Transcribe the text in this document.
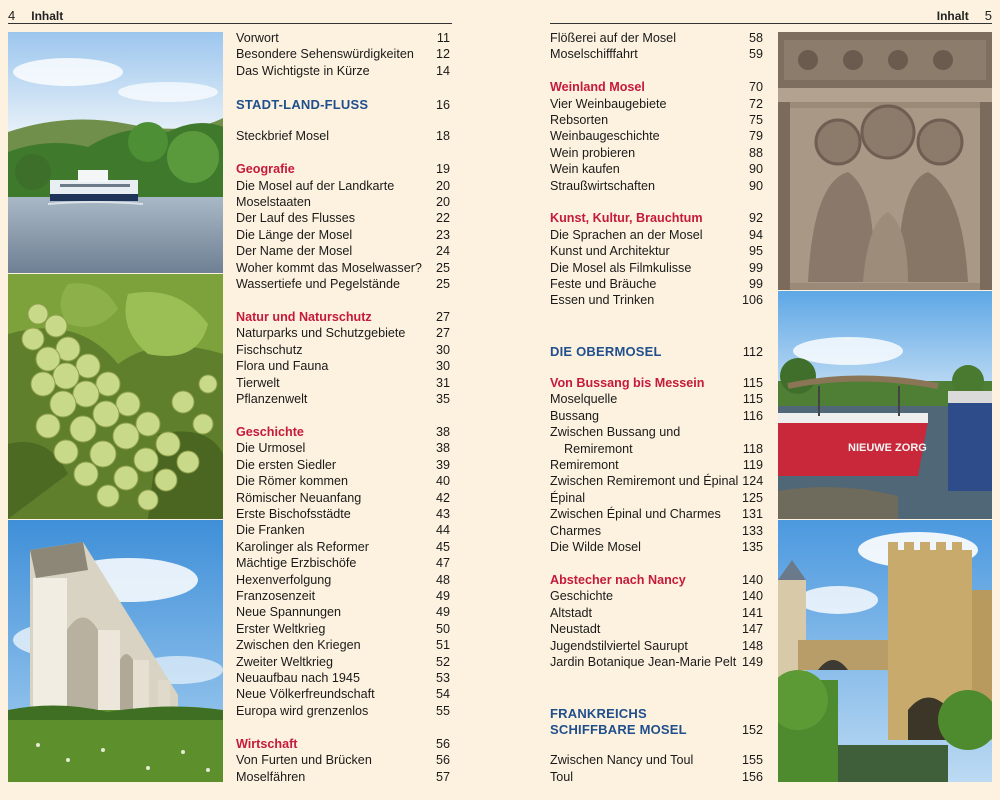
4 Inhalt	Inhalt 5
Vorwort	11
Besondere Sehenswürdigkeiten	12
Das Wichtigste in Kürze	14
STADT-LAND-FLUSS	16
Steckbrief Mosel	18
Geografie	19
Die Mosel auf der Landkarte	20
Moselstaaten	20
Der Lauf des Flusses	22
Die Länge der Mosel	23
Der Name der Mosel	24
Woher kommt das Moselwasser?	25
Wassertiefe und Pegelstände	25
Natur und Naturschutz	27
Naturparks und Schutzgebiete	27
Fischschutz	30
Flora und Fauna	30
Tierwelt	31
Pflanzenwelt	35
Geschichte	38
Die Urmosel	38
Die ersten Siedler	39
Die Römer kommen	40
Römischer Neuanfang	42
Erste Bischofsstädte	43
Die Franken	44
Karolinger als Reformer	45
Mächtige Erzbischöfe	47
Hexenverfolgung	48
Franzosenzeit	49
Neue Spannungen	49
Erster Weltkrieg	50
Zwischen den Kriegen	51
Zweiter Weltkrieg	52
Neuaufbau nach 1945	53
Neue Völkerfreundschaft	54
Europa wird grenzenlos	55
Wirtschaft	56
Von Furten und Brücken	56
Moselfähren	57
Flößerei auf der Mosel	58
Moselschifffahrt	59
Weinland Mosel	70
Vier Weinbaugebiete	72
Rebsorten	75
Weinbaugeschichte	79
Wein probieren	88
Wein kaufen	90
Straußwirtschaften	90
Kunst, Kultur, Brauchtum	92
Die Sprachen an der Mosel	94
Kunst und Architektur	95
Die Mosel als Filmkulisse	99
Feste und Bräuche	99
Essen und Trinken	106
DIE OBERMOSEL	112
Von Bussang bis Messein	115
Moselquelle	115
Bussang	116
Zwischen Bussang und
Remiremont	118
Remiremont	119
Zwischen Remiremont und Épinal 124
Épinal	125
Zwischen Épinal und Charmes	131
Charmes	133
Die Wilde Mosel	135
Abstecher nach Nancy	140
Geschichte	140
Altstadt	141
Neustadt	147
Jugendstilviertel Saurupt	148
Jardin Botanique Jean-Marie Pelt 149
FRANKREICHS SCHIFFBARE MOSEL	152
Zwischen Nancy und Toul	155
Toul	156
NIEUWE ZORG
